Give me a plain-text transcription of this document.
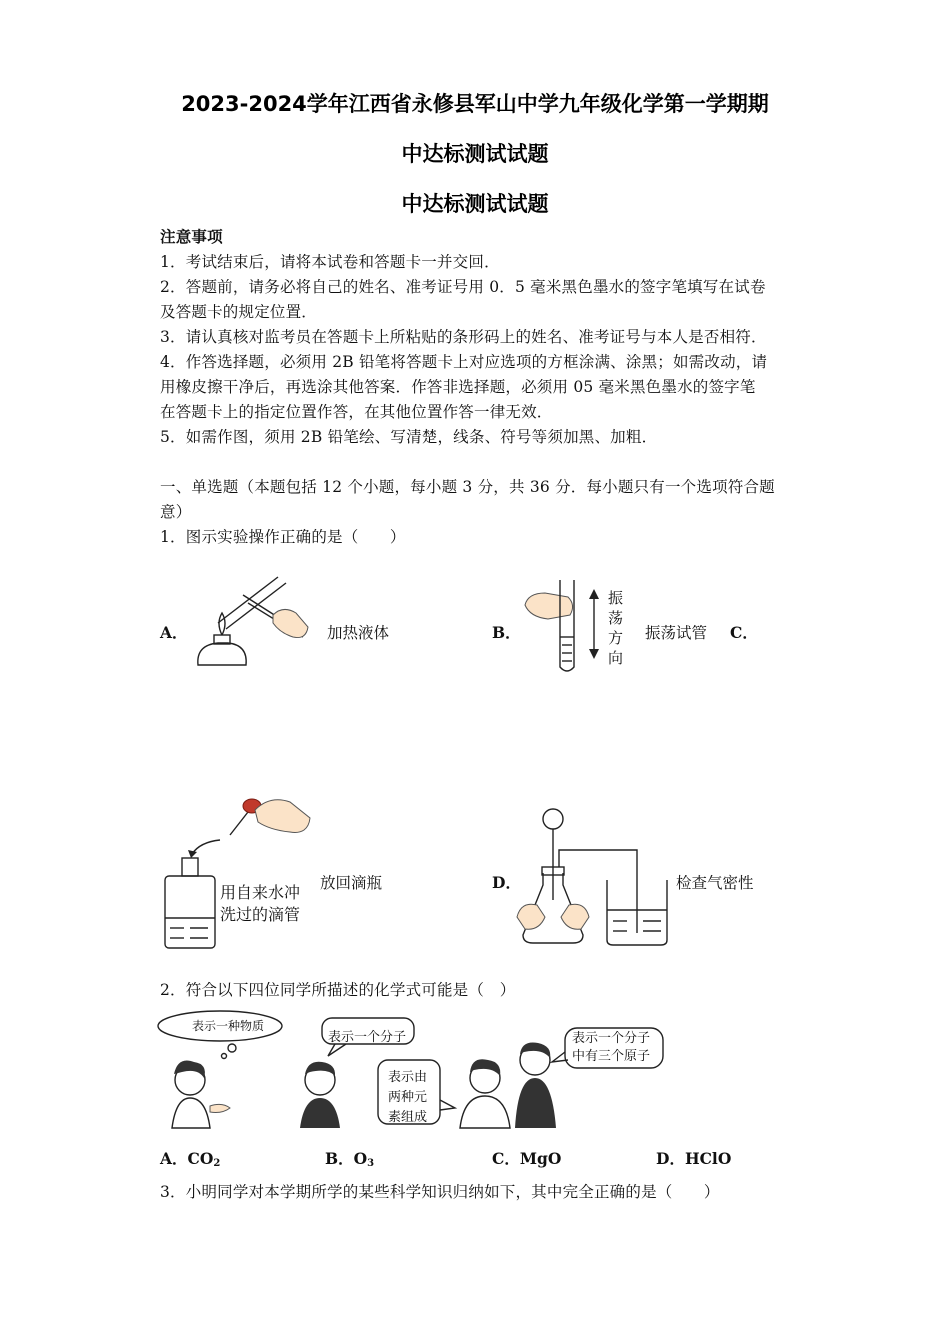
2023-2024学年江西省永修县军山中学九年级化学第一学期期
中达标测试试题
中达标测试试题
注意事项
1．考试结束后，请将本试卷和答题卡一并交回．
2．答题前，请务必将自己的姓名、准考证号用 0．5 毫米黑色墨水的签字笔填写在试卷
及答题卡的规定位置．
3．请认真核对监考员在答题卡上所粘贴的条形码上的姓名、准考证号与本人是否相符．
4．作答选择题，必须用 2B 铅笔将答题卡上对应选项的方框涂满、涂黑；如需改动，请
用橡皮擦干净后，再选涂其他答案．作答非选择题，必须用 05 毫米黑色墨水的签字笔
在答题卡上的指定位置作答，在其他位置作答一律无效．
5．如需作图，须用 2B 铅笔绘、写清楚，线条、符号等须加黑、加粗．
一、单选题（本题包括 12 个小题，每小题 3 分，共 36 分．每小题只有一个选项符合题
意）
1．图示实验操作正确的是（　　）
A．	加热液体	B．
振
荡
方
向
振荡试管 C．
用自来水冲
洗过的滴管
放回滴瓶	D．	检查气密性
2．符合以下四位同学所描述的化学式可能是（　）
表示一种物质
表示一个分子
表示由
两种元
素组成
表示一个分子
中有三个原子
A．$CO_2$	B．$O_3$	C．MgO	D．HClO
3．小明同学对本学期所学的某些科学知识归纳如下，其中完全正确的是（　　）
